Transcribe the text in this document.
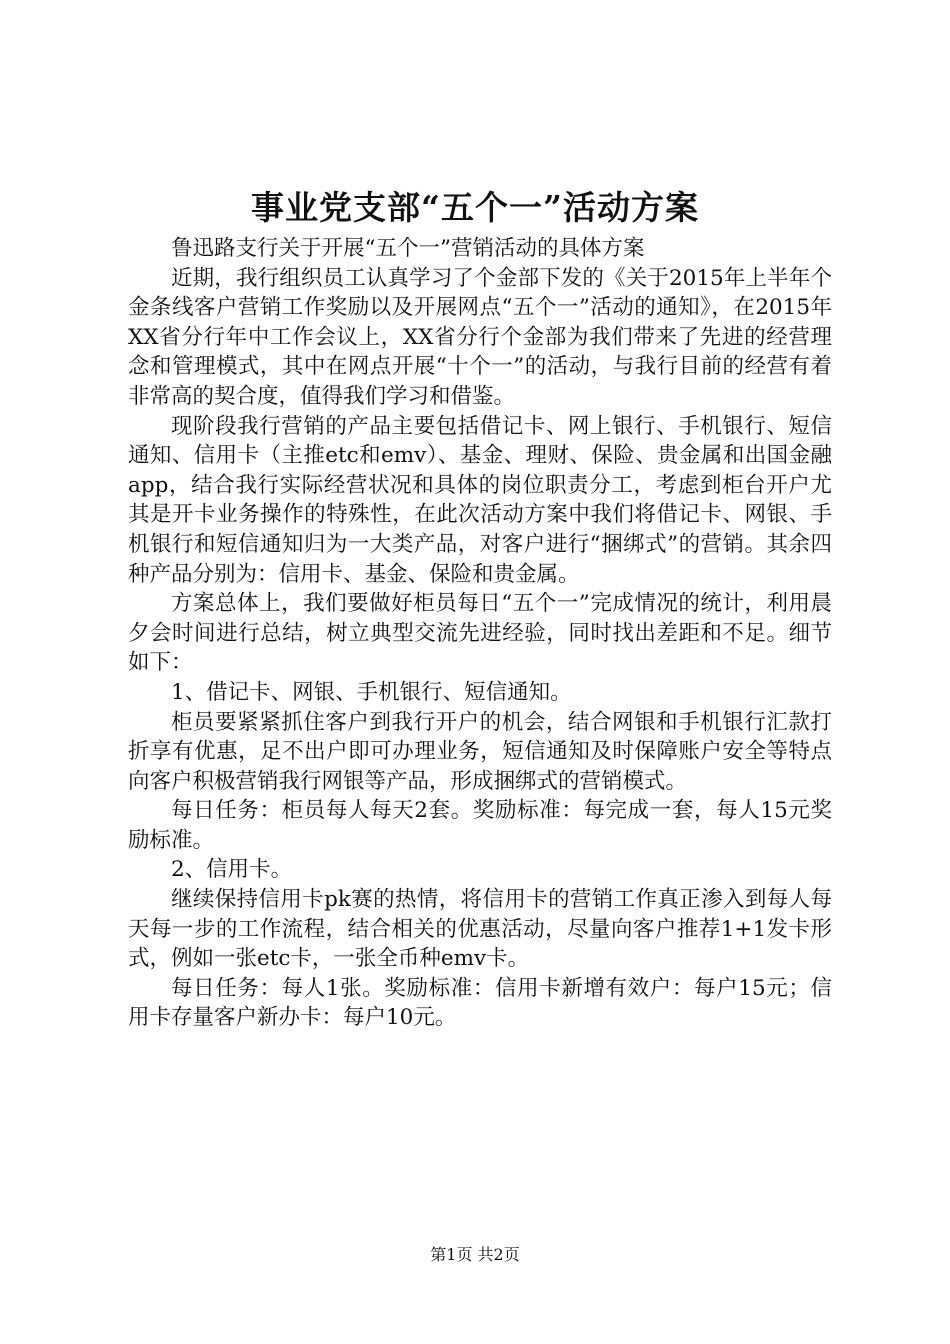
事业党支部“五个一”活动方案

鲁迅路支行关于开展“五个一”营销活动的具体方案

近期，我行组织员工认真学习了个金部下发的《关于2015年上半年个金条线客户营销工作奖励以及开展网点“五个一”活动的通知》，在2015年XX省分行年中工作会议上，XX省分行个金部为我们带来了先进的经营理念和管理模式，其中在网点开展“十个一”的活动，与我行目前的经营有着非常高的契合度，值得我们学习和借鉴。

现阶段我行营销的产品主要包括借记卡、网上银行、手机银行、短信通知、信用卡（主推etc和emv）、基金、理财、保险、贵金属和出国金融app，结合我行实际经营状况和具体的岗位职责分工，考虑到柜台开户尤其是开卡业务操作的特殊性，在此次活动方案中我们将借记卡、网银、手机银行和短信通知归为一大类产品，对客户进行“捆绑式”的营销。其余四种产品分别为：信用卡、基金、保险和贵金属。

方案总体上，我们要做好柜员每日“五个一”完成情况的统计，利用晨夕会时间进行总结，树立典型交流先进经验，同时找出差距和不足。细节如下：

1、借记卡、网银、手机银行、短信通知。

柜员要紧紧抓住客户到我行开户的机会，结合网银和手机银行汇款打折享有优惠，足不出户即可办理业务，短信通知及时保障账户安全等特点向客户积极营销我行网银等产品，形成捆绑式的营销模式。

每日任务：柜员每人每天2套。奖励标准：每完成一套，每人15元奖励标准。

2、信用卡。

继续保持信用卡pk赛的热情，将信用卡的营销工作真正渗入到每人每天每一步的工作流程，结合相关的优惠活动，尽量向客户推荐1+1发卡形式，例如一张etc卡，一张全币种emv卡。

每日任务：每人1张。奖励标准：信用卡新增有效户：每户15元；信用卡存量客户新办卡：每户10元。

第1页 共2页
